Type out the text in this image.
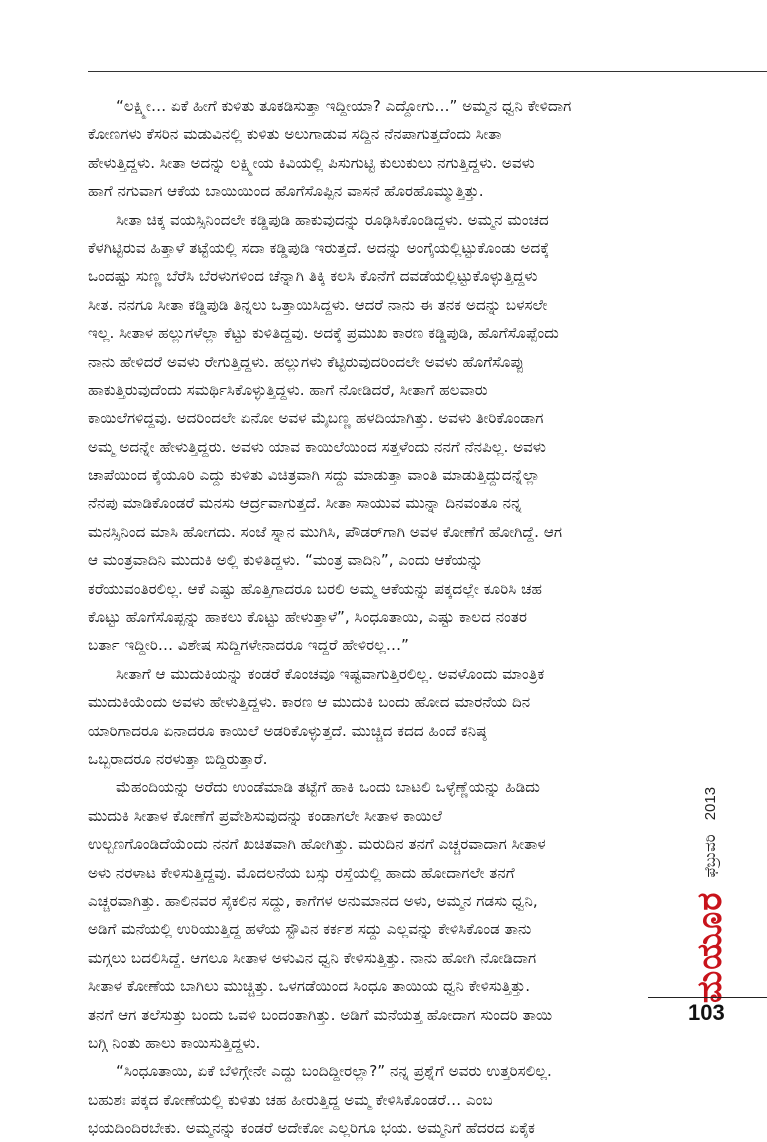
“ಲಕ್ಷ್ಮೀ… ಏಕೆ ಹೀಗೆ ಕುಳಿತು ತೂಕಡಿಸುತ್ತಾ ಇದ್ದೀಯಾ? ಎದ್ದೋಗು…” ಅಮ್ಮನ ಧ್ವನಿ ಕೇಳಿದಾಗ
ಕೋಣಗಳು ಕೆಸರಿನ ಮಡುವಿನಲ್ಲಿ ಕುಳಿತು ಅಲುಗಾಡುವ ಸದ್ದಿನ ನೆನಪಾಗುತ್ತದೆಂದು ಸೀತಾ
ಹೇಳುತ್ತಿದ್ದಳು. ಸೀತಾ ಅದನ್ನು ಲಕ್ಷ್ಮೀಯ ಕಿವಿಯಲ್ಲಿ ಪಿಸುಗುಟ್ಟಿ ಕುಲುಕುಲು ನಗುತ್ತಿದ್ದಳು. ಅವಳು
ಹಾಗೆ ನಗುವಾಗ ಆಕೆಯ ಬಾಯಿಯಿಂದ ಹೊಗೆಸೊಪ್ಪಿನ ವಾಸನೆ ಹೊರಹೊಮ್ಮುತ್ತಿತ್ತು.
ಸೀತಾ ಚಿಕ್ಕ ವಯಸ್ಸಿನಿಂದಲೇ ಕಡ್ಡಿಪುಡಿ ಹಾಕುವುದನ್ನು ರೂಢಿಸಿಕೊಂಡಿದ್ದಳು. ಅಮ್ಮನ ಮಂಚದ
ಕೆಳಗಿಟ್ಟಿರುವ ಹಿತ್ತಾಳೆ ತಟ್ಟೆಯಲ್ಲಿ ಸದಾ ಕಡ್ಡಿಪುಡಿ ಇರುತ್ತದೆ. ಅದನ್ನು ಅಂಗೈಯಲ್ಲಿಟ್ಟುಕೊಂಡು ಅದಕ್ಕೆ
ಒಂದಷ್ಟು ಸುಣ್ಣ ಬೆರೆಸಿ ಬೆರಳುಗಳಿಂದ ಚೆನ್ನಾಗಿ ತಿಕ್ಕಿ ಕಲಸಿ ಕೊನೆಗೆ ದವಡೆಯಲ್ಲಿಟ್ಟುಕೊಳ್ಳುತ್ತಿದ್ದಳು
ಸೀತ. ನನಗೂ ಸೀತಾ ಕಡ್ಡಿಪುಡಿ ತಿನ್ನಲು ಒತ್ತಾಯಿಸಿದ್ದಳು. ಆದರೆ ನಾನು ಈ ತನಕ ಅದನ್ನು ಬಳಸಲೇ
ಇಲ್ಲ. ಸೀತಾಳ ಹಲ್ಲುಗಳೆಲ್ಲಾ ಕೆಟ್ಟು ಕುಳಿತಿದ್ದವು. ಅದಕ್ಕೆ ಪ್ರಮುಖ ಕಾರಣ ಕಡ್ಡಿಪುಡಿ, ಹೊಗೆಸೊಪ್ಪೆಂದು
ನಾನು ಹೇಳಿದರೆ ಅವಳು ರೇಗುತ್ತಿದ್ದಳು. ಹಲ್ಲುಗಳು ಕೆಟ್ಟಿರುವುದರಿಂದಲೇ ಅವಳು ಹೊಗೆಸೊಪ್ಪು
ಹಾಕುತ್ತಿರುವುದೆಂದು ಸಮರ್ಥಿಸಿಕೊಳ್ಳುತ್ತಿದ್ದಳು. ಹಾಗೆ ನೋಡಿದರೆ, ಸೀತಾಗೆ ಹಲವಾರು
ಕಾಯಿಲೆಗಳಿದ್ದವು. ಅದರಿಂದಲೇ ಏನೋ ಅವಳ ಮೈಬಣ್ಣ ಹಳದಿಯಾಗಿತ್ತು. ಅವಳು ತೀರಿಕೊಂಡಾಗ
ಅಮ್ಮ ಅದನ್ನೇ ಹೇಳುತ್ತಿದ್ದರು. ಅವಳು ಯಾವ ಕಾಯಿಲೆಯಿಂದ ಸತ್ತಳೆಂದು ನನಗೆ ನೆನಪಿಲ್ಲ. ಅವಳು
ಚಾಪೆಯಿಂದ ಕೈಯೂರಿ ಎದ್ದು ಕುಳಿತು ವಿಚಿತ್ರವಾಗಿ ಸದ್ದು ಮಾಡುತ್ತಾ ವಾಂತಿ ಮಾಡುತ್ತಿದ್ದುದನ್ನೆಲ್ಲಾ
ನೆನಪು ಮಾಡಿಕೊಂಡರೆ ಮನಸು ಆರ್ದ್ರವಾಗುತ್ತದೆ. ಸೀತಾ ಸಾಯುವ ಮುನ್ನಾ ದಿನವಂತೂ ನನ್ನ
ಮನಸ್ಸಿನಿಂದ ಮಾಸಿ ಹೋಗದು. ಸಂಜೆ ಸ್ನಾನ ಮುಗಿಸಿ, ಪೌಡರ್‌ಗಾಗಿ ಅವಳ ಕೋಣೆಗೆ ಹೋಗಿದ್ದೆ. ಆಗ
ಆ ಮಂತ್ರವಾದಿನಿ ಮುದುಕಿ ಅಲ್ಲಿ ಕುಳಿತಿದ್ದಳು. “ಮಂತ್ರ ವಾದಿನಿ”, ಎಂದು ಆಕೆಯನ್ನು
ಕರೆಯುವಂತಿರಲಿಲ್ಲ. ಆಕೆ ಎಷ್ಟು ಹೊತ್ತಿಗಾದರೂ ಬರಲಿ ಅಮ್ಮ ಆಕೆಯನ್ನು ಪಕ್ಕದಲ್ಲೇ ಕೂರಿಸಿ ಚಹ
ಕೊಟ್ಟು ಹೊಗೆಸೊಪ್ಪನ್ನು ಹಾಕಲು ಕೊಟ್ಟು ಹೇಳುತ್ತಾಳೆ”, ಸಿಂಧೂತಾಯಿ, ಎಷ್ಟು ಕಾಲದ ನಂತರ
ಬರ್ತಾ ಇದ್ದೀರಿ… ವಿಶೇಷ ಸುದ್ದಿಗಳೇನಾದರೂ ಇದ್ದರೆ ಹೇಳಿರಲ್ಲ…”
ಸೀತಾಗೆ ಆ ಮುದುಕಿಯನ್ನು ಕಂಡರೆ ಕೊಂಚವೂ ಇಷ್ಟವಾಗುತ್ತಿರಲಿಲ್ಲ. ಅವಳೊಂದು ಮಾಂತ್ರಿಕ
ಮುದುಕಿಯೆಂದು ಅವಳು ಹೇಳುತ್ತಿದ್ದಳು. ಕಾರಣ ಆ ಮುದುಕಿ ಬಂದು ಹೋದ ಮಾರನೆಯ ದಿನ
ಯಾರಿಗಾದರೂ ಏನಾದರೂ ಕಾಯಿಲೆ ಅಡರಿಕೊಳ್ಳುತ್ತದೆ. ಮುಚ್ಚಿದ ಕದದ ಹಿಂದೆ ಕನಿಷ್ಠ
ಒಬ್ಬರಾದರೂ ನರಳುತ್ತಾ ಬಿದ್ದಿರುತ್ತಾರೆ.
ಮೆಹಂದಿಯನ್ನು ಅರೆದು ಉಂಡೆಮಾಡಿ ತಟ್ಟೆಗೆ ಹಾಕಿ ಒಂದು ಬಾಟಲಿ ಒಳ್ಳೆಣ್ಣೆಯನ್ನು ಹಿಡಿದು
ಮುದುಕಿ ಸೀತಾಳ ಕೋಣೆಗೆ ಪ್ರವೇಶಿಸುವುದನ್ನು ಕಂಡಾಗಲೇ ಸೀತಾಳ ಕಾಯಿಲೆ
ಉಲ್ಬಣಗೊಂಡಿದೆಯೆಂದು ನನಗೆ ಖಚಿತವಾಗಿ ಹೋಗಿತ್ತು. ಮರುದಿನ ತನಗೆ ಎಚ್ಚರವಾದಾಗ ಸೀತಾಳ
ಅಳು ನರಳಾಟ ಕೇಳಿಸುತ್ತಿದ್ದವು. ಮೊದಲನೆಯ ಬಸ್ಸು ರಸ್ತೆಯಲ್ಲಿ ಹಾದು ಹೋದಾಗಲೇ ತನಗೆ
ಎಚ್ಚರವಾಗಿತ್ತು. ಹಾಲಿನವರ ಸೈಕಲಿನ ಸದ್ದು, ಕಾಗೆಗಳ ಅನುಮಾನದ ಅಳು, ಅಮ್ಮನ ಗಡಸು ಧ್ವನಿ,
ಅಡಿಗೆ ಮನೆಯಲ್ಲಿ ಉರಿಯುತ್ತಿದ್ದ ಹಳೆಯ ಸ್ಟೌವಿನ ಕರ್ಕಶ ಸದ್ದು ಎಲ್ಲವನ್ನು ಕೇಳಿಸಿಕೊಂಡ ತಾನು
ಮಗ್ಗಲು ಬದಲಿಸಿದ್ದೆ. ಆಗಲೂ ಸೀತಾಳ ಅಳುವಿನ ಧ್ವನಿ ಕೇಳಿಸುತ್ತಿತ್ತು. ನಾನು ಹೋಗಿ ನೋಡಿದಾಗ
ಸೀತಾಳ ಕೋಣೆಯ ಬಾಗಿಲು ಮುಚ್ಚಿತ್ತು. ಒಳಗಡೆಯಿಂದ ಸಿಂಧೂ ತಾಯಿಯ ಧ್ವನಿ ಕೇಳಿಸುತ್ತಿತ್ತು.
ತನಗೆ ಆಗ ತಲೆಸುತ್ತು ಬಂದು ಒವಳಿ ಬಂದಂತಾಗಿತ್ತು. ಅಡಿಗೆ ಮನೆಯತ್ತ ಹೋದಾಗ ಸುಂದರಿ ತಾಯಿ
ಬಗ್ಗಿ ನಿಂತು ಹಾಲು ಕಾಯಿಸುತ್ತಿದ್ದಳು.
“ಸಿಂಧೂತಾಯಿ, ಏಕೆ ಬೆಳಿಗ್ಗೇನೇ ಎದ್ದು ಬಂದಿದ್ದೀರಲ್ಲಾ?” ನನ್ನ ಪ್ರಶ್ನೆಗೆ ಅವರು ಉತ್ತರಿಸಲಿಲ್ಲ.
ಬಹುಶಃ ಪಕ್ಕದ ಕೋಣೆಯಲ್ಲಿ ಕುಳಿತು ಚಹ ಹೀರುತ್ತಿದ್ದ ಅಮ್ಮ ಕೇಳಿಸಿಕೊಂಡರೆ… ಎಂಬ
ಭಯದಿಂದಿರಬೇಕು. ಅಮ್ಮನನ್ನು ಕಂಡರೆ ಅದೇಕೋ ಎಲ್ಲರಿಗೂ ಭಯ. ಅಮ್ಮನಿಗೆ ಹೆದರದ ಏಕೈಕ
ಮಯೂರ
ಫೆಬ್ರುವರಿ
2013
103
